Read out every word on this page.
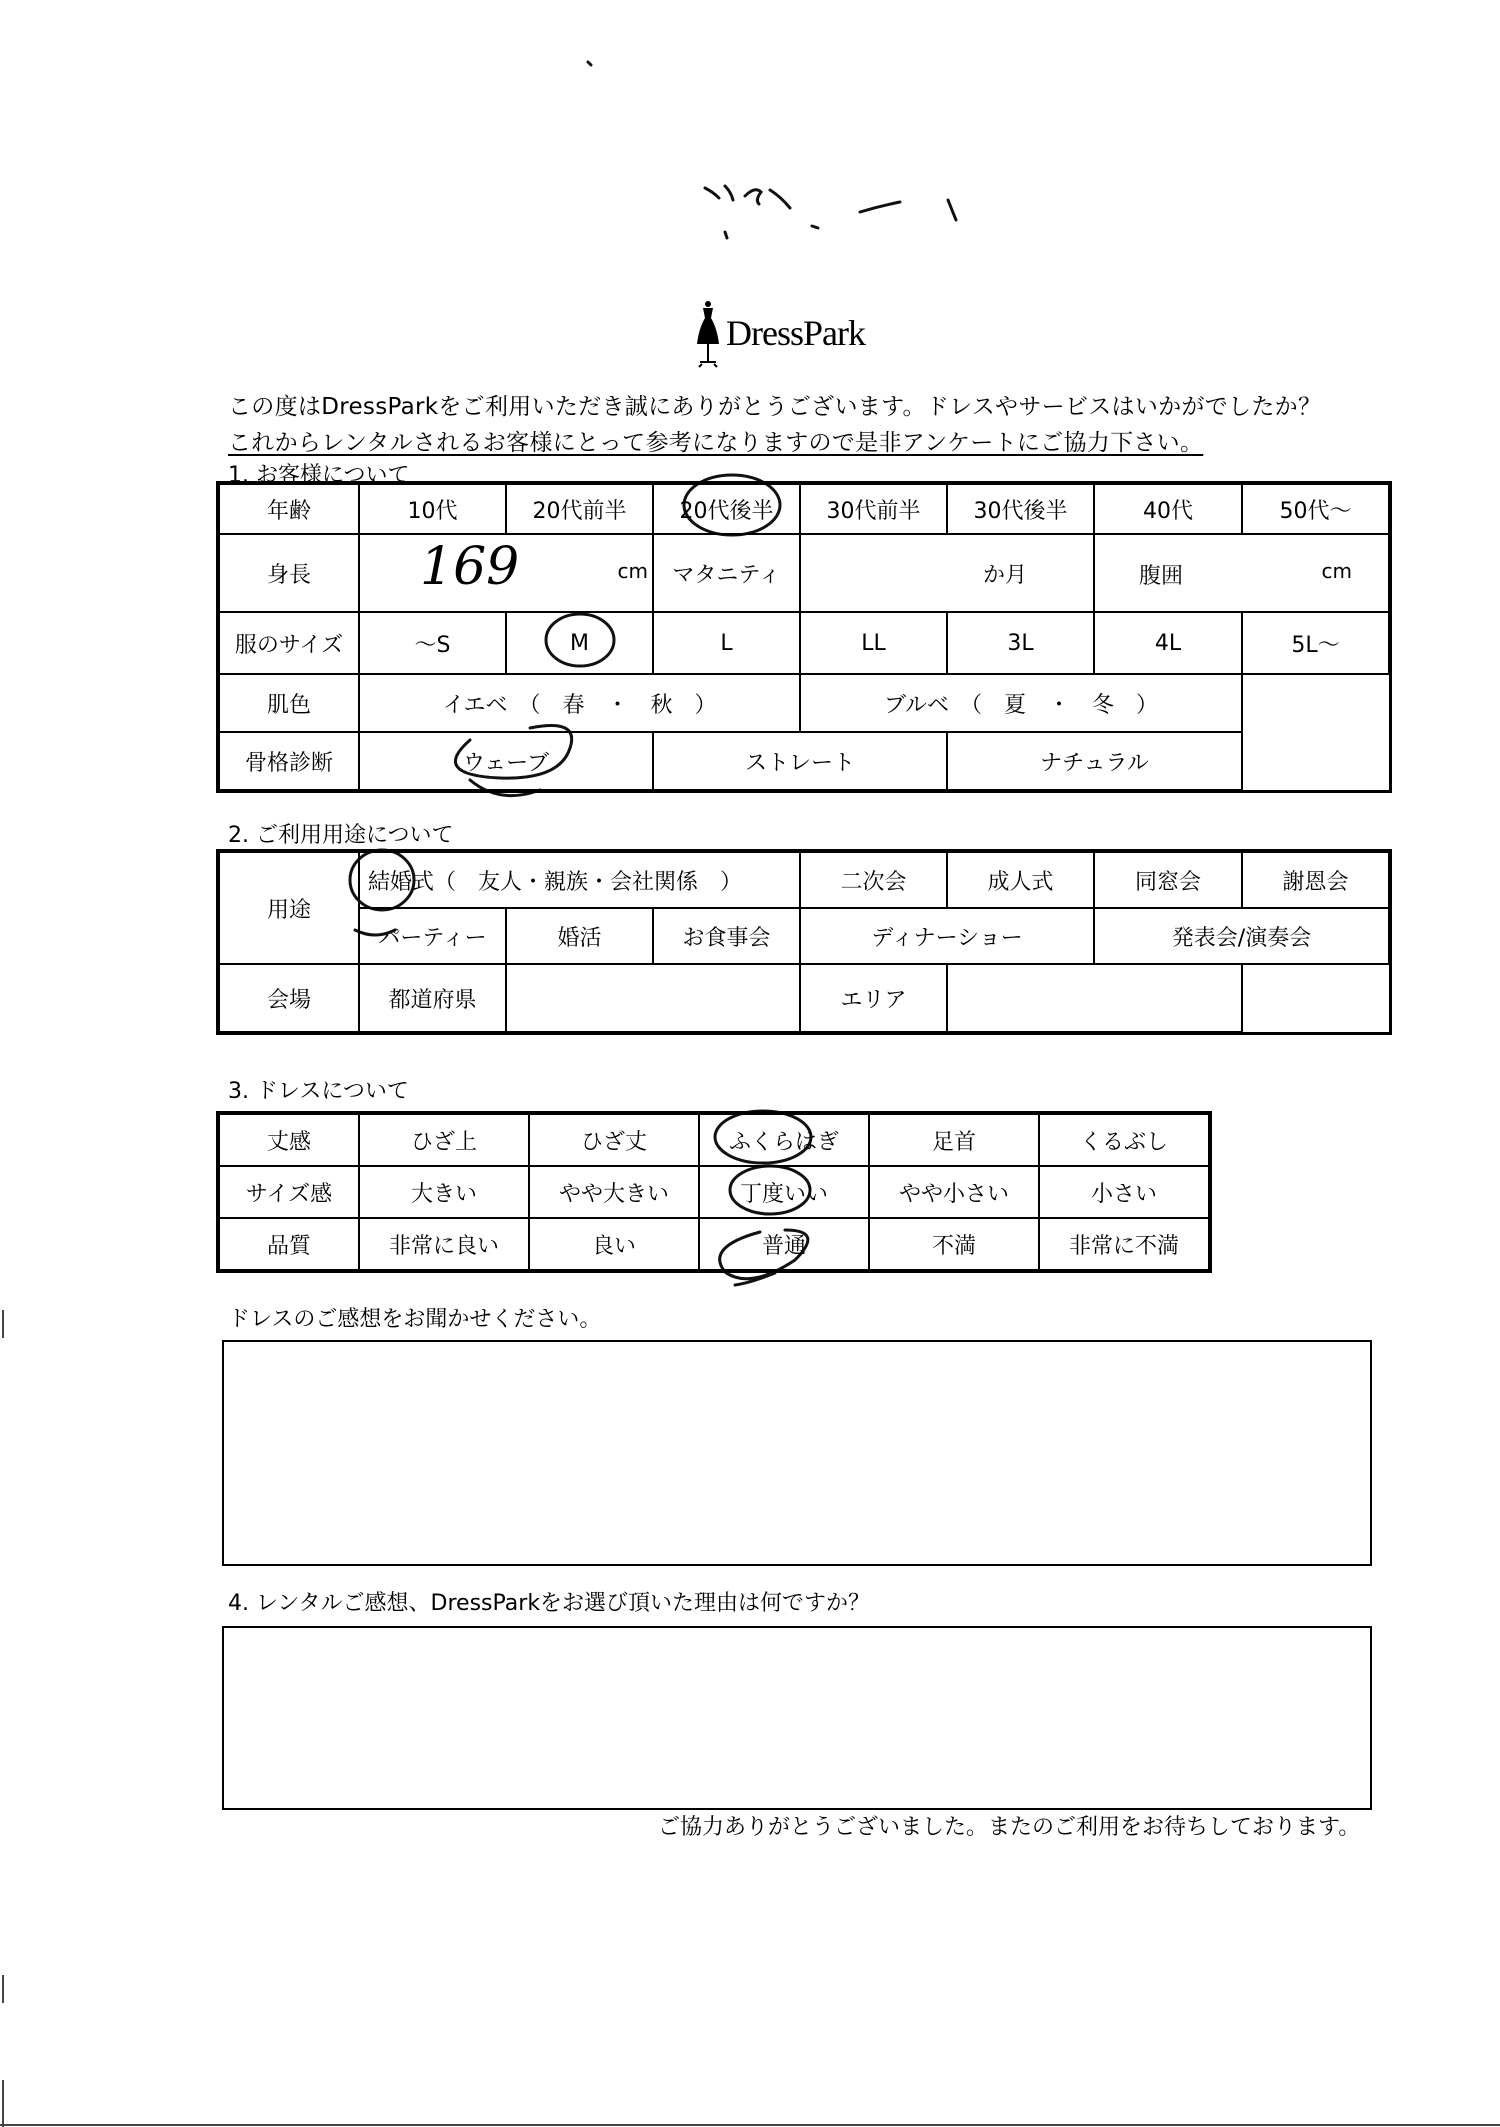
DressPark
この度はDressParkをご利用いただき誠にありがとうございます。ドレスやサービスはいかがでしたか？
これからレンタルされるお客様にとって参考になりますので是非アンケートにご協力下さい。
1. お客様について
年齢	10代	20代前半	20代後半	30代前半	30代後半	40代	50代～
身長	169 cm		マタニティ	か月		腹囲 cm	

服のサイズ	～S	M	L	LL	3L	4L	5L～
肌色	イエベ　（　春　・　秋　）			ブルベ　（　夏　・　冬　）			
骨格診断	ウェーブ		ストレート		ナチュラル		
2. ご利用用途について
用途	結婚式（　友人・親族・会社関係　）			二次会	成人式	同窓会	謝恩会
	パーティー	婚活	お食事会	ディナーショー		発表会/演奏会	
会場	都道府県			エリア			
3. ドレスについて
丈感	ひざ上	ひざ丈	ふくらはぎ	足首	くるぶし
サイズ感	大きい	やや大きい	丁度いい	やや小さい	小さい
品質	非常に良い	良い	普通	不満	非常に不満
ドレスのご感想をお聞かせください。
4. レンタルご感想、DressParkをお選び頂いた理由は何ですか？
ご協力ありがとうございました。またのご利用をお待ちしております。
